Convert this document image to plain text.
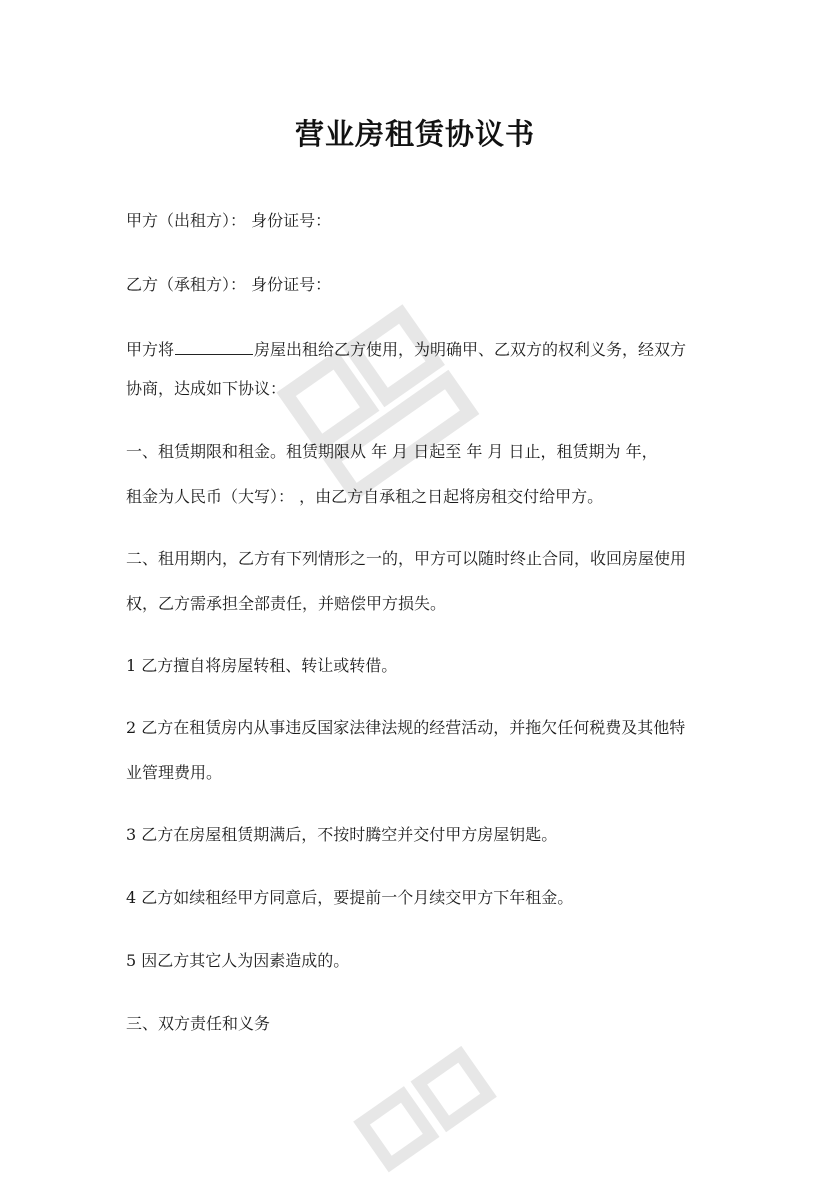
营业房租赁协议书
甲方（出租方）： 身份证号：
乙方（承租方）： 身份证号：
甲方将	房屋出租给乙方使用，为明确甲、乙双方的权利义务，经双方
协商，达成如下协议：
一、租赁期限和租金。租赁期限从 年 月 日起至 年 月 日止，租赁期为 年，
租金为人民币（大写）： ，由乙方自承租之日起将房租交付给甲方。
二、租用期内，乙方有下列情形之一的，甲方可以随时终止合同，收回房屋使用
权，乙方需承担全部责任，并赔偿甲方损失。
1 乙方擅自将房屋转租、转让或转借。
2 乙方在租赁房内从事违反国家法律法规的经营活动，并拖欠任何税费及其他特
业管理费用。
3 乙方在房屋租赁期满后，不按时腾空并交付甲方房屋钥匙。
4 乙方如续租经甲方同意后，要提前一个月续交甲方下年租金。
5 因乙方其它人为因素造成的。
三、双方责任和义务
